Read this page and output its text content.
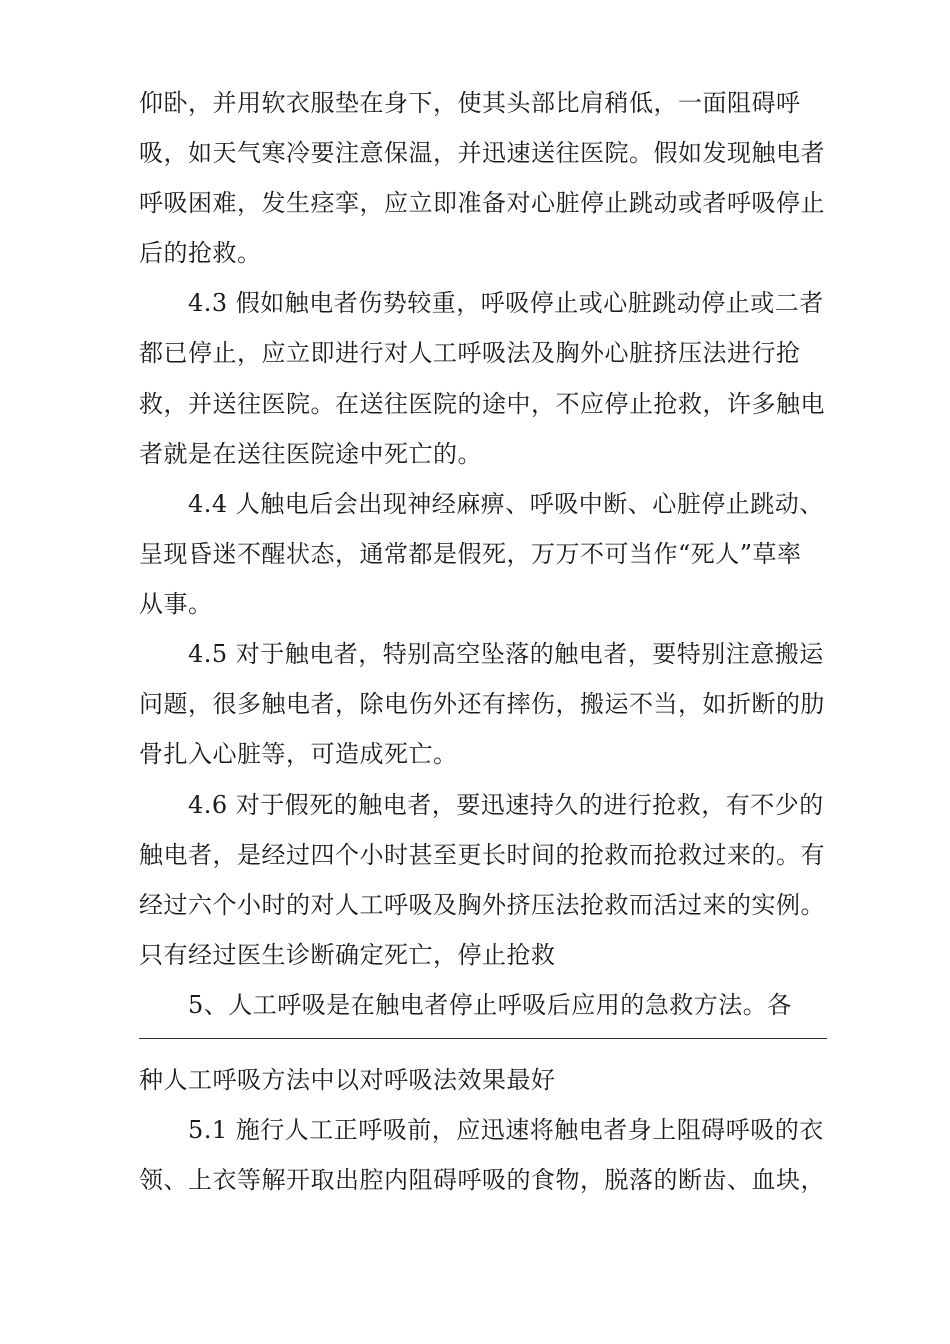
仰卧，并用软衣服垫在身下，使其头部比肩稍低，一面阻碍呼
吸，如天气寒冷要注意保温，并迅速送往医院。假如发现触电者
呼吸困难，发生痉挛，应立即准备对心脏停止跳动或者呼吸停止
后的抢救。
4.3 假如触电者伤势较重，呼吸停止或心脏跳动停止或二者
都已停止，应立即进行对人工呼吸法及胸外心脏挤压法进行抢
救，并送往医院。在送往医院的途中，不应停止抢救，许多触电
者就是在送往医院途中死亡的。
4.4 人触电后会出现神经麻痹、呼吸中断、心脏停止跳动、
呈现昏迷不醒状态，通常都是假死，万万不可当作“死人”草率
从事。
4.5 对于触电者，特别高空坠落的触电者，要特别注意搬运
问题，很多触电者，除电伤外还有摔伤，搬运不当，如折断的肋
骨扎入心脏等，可造成死亡。
4.6 对于假死的触电者，要迅速持久的进行抢救，有不少的
触电者，是经过四个小时甚至更长时间的抢救而抢救过来的。有
经过六个小时的对人工呼吸及胸外挤压法抢救而活过来的实例。
只有经过医生诊断确定死亡，停止抢救
5、人工呼吸是在触电者停止呼吸后应用的急救方法。各
种人工呼吸方法中以对呼吸法效果最好
5.1 施行人工正呼吸前，应迅速将触电者身上阻碍呼吸的衣
领、上衣等解开取出腔内阻碍呼吸的食物，脱落的断齿、血块，
